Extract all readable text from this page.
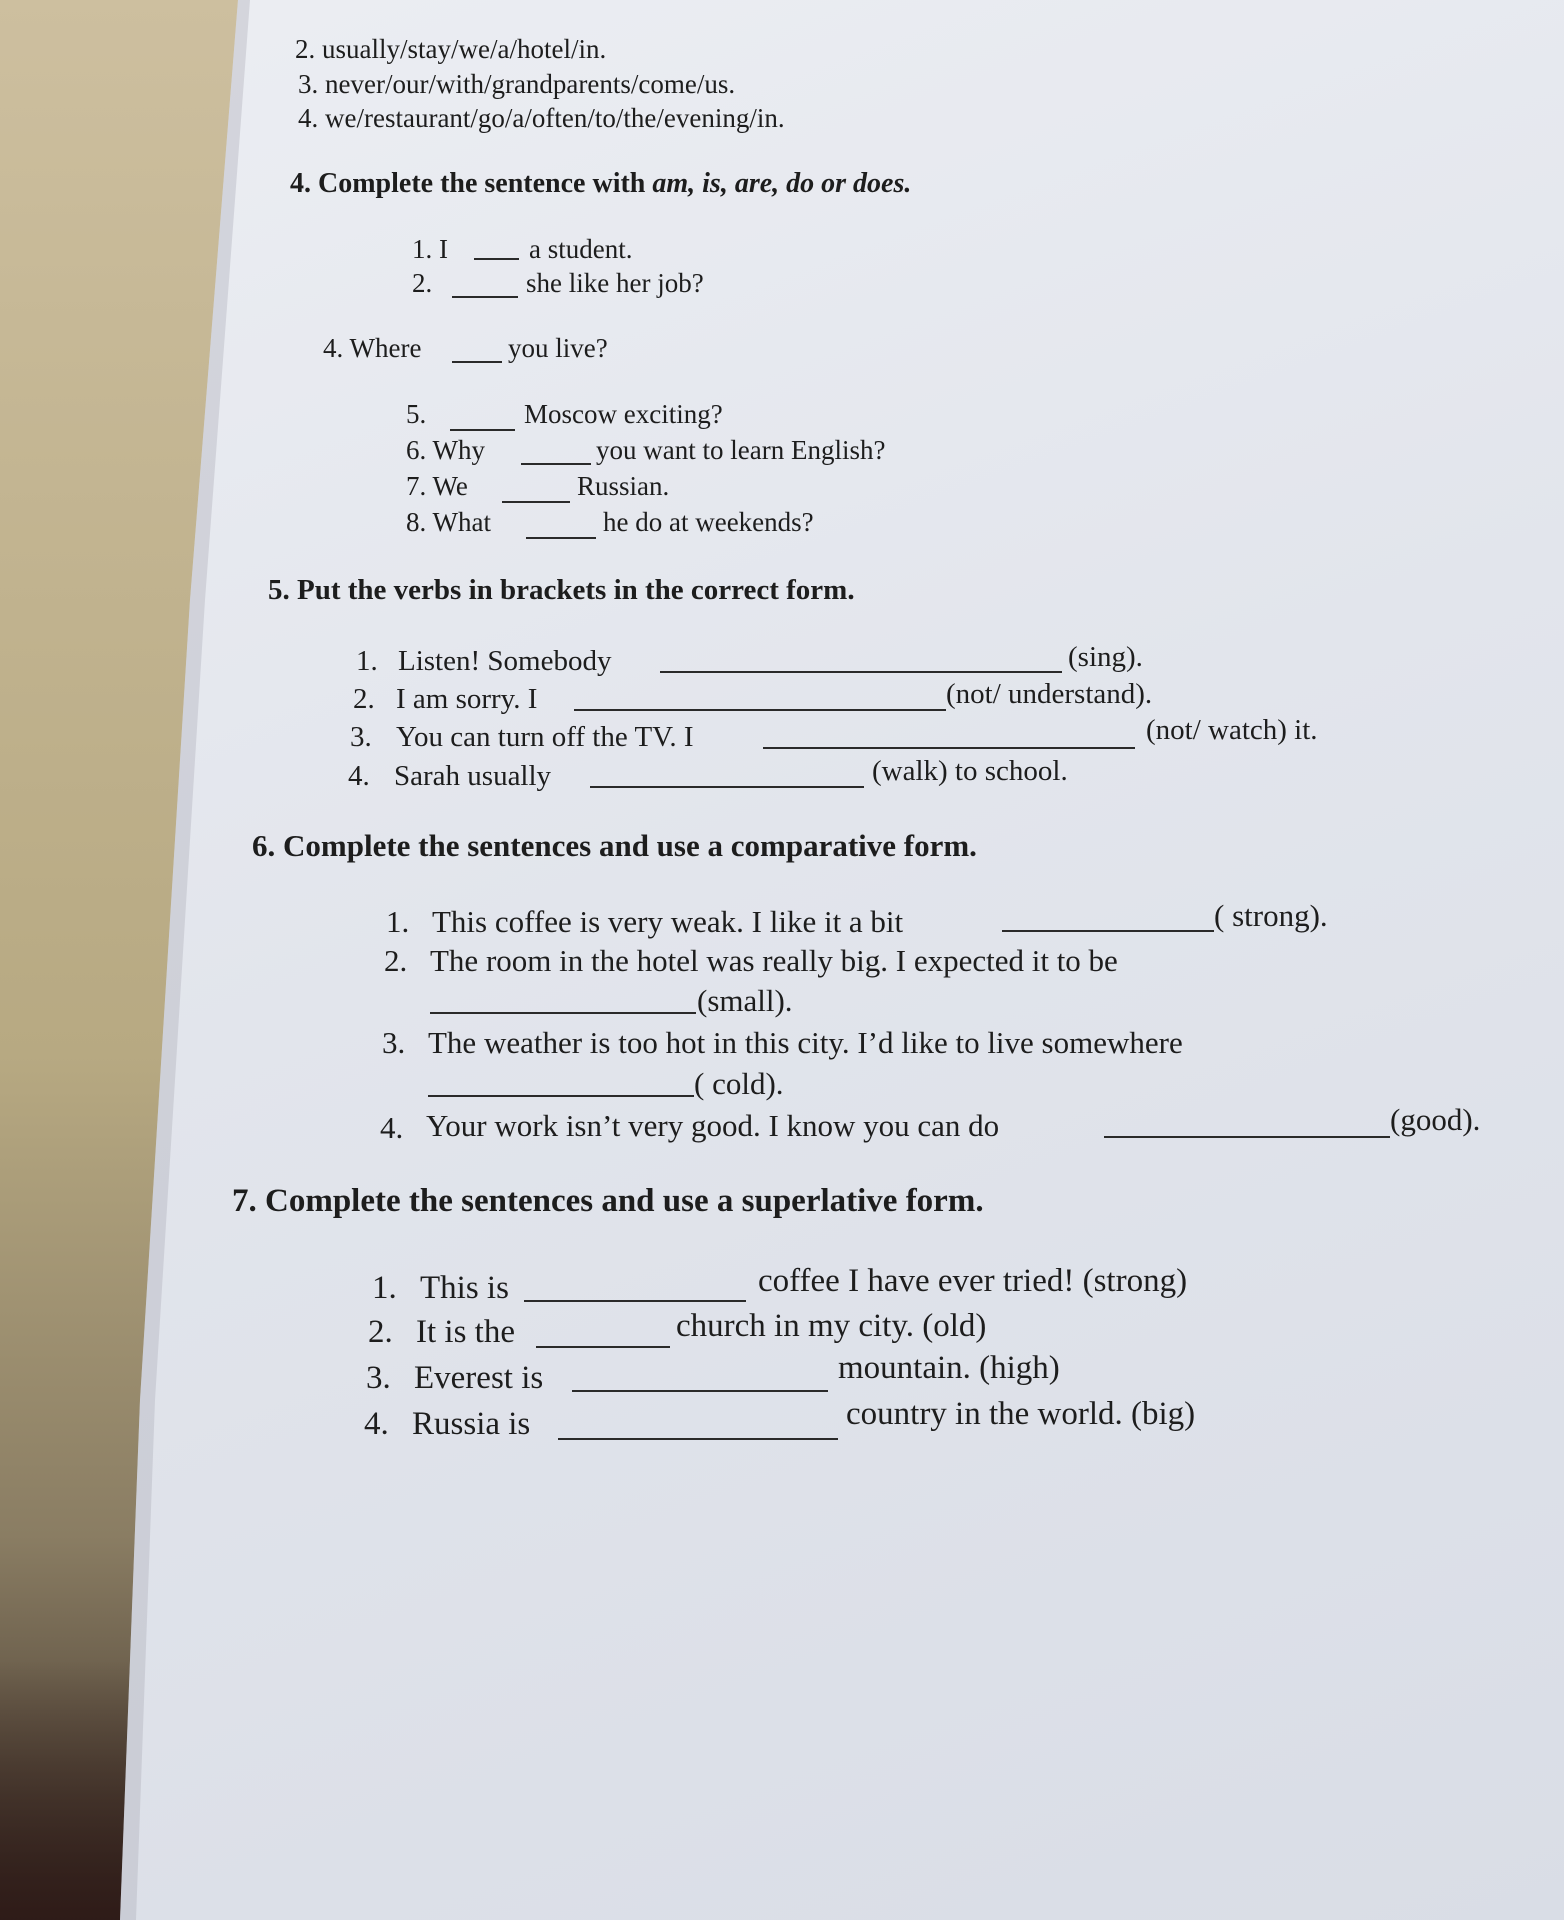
2. usually/stay/we/a/hotel/in.
3. never/our/with/grandparents/come/us.
4. we/restaurant/go/a/often/to/the/evening/in.
4. Complete the sentence with am, is, are, do or does.
1. I	a student.
2.	she like her job?
4. Where	you live?
5.	Moscow exciting?
6. Why	you want to learn English?
7. We	Russian.
8. What	he do at weekends?
5. Put the verbs in brackets in the correct form.
1. Listen! Somebody	(sing).
2. I am sorry. I	(not/ understand).
3. You can turn off the TV. I	(not/ watch) it.
4. Sarah usually	(walk) to school.
6. Complete the sentences and use a comparative form.
1. This coffee is very weak. I like it a bit	( strong).
2. The room in the hotel was really big. I expected it to be
(small).
3. The weather is too hot in this city. I’d like to live somewhere
( cold).
4. Your work isn’t very good. I know you can do	(good).
7. Complete the sentences and use a superlative form.
1. This is	coffee I have ever tried! (strong)
2. It is the	church in my city. (old)
3. Everest is	mountain. (high)
4. Russia is	country in the world. (big)
